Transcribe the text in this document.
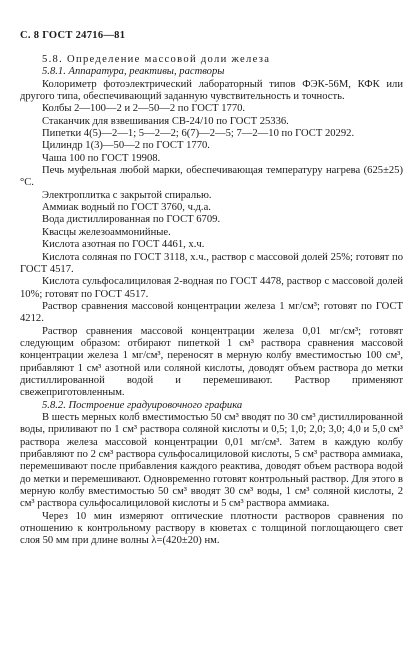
С. 8 ГОСТ 24716—81

5.8. Определение массовой доли железа

5.8.1. Аппаратура, реактивы, растворы

Колориметр фотоэлектрический лабораторный типов ФЭК-56М, КФК или другого типа, обеспечивающий заданную чувствительность и точность.

Колбы 2—100—2 и 2—50—2 по ГОСТ 1770.

Стаканчик для взвешивания СВ-24/10 по ГОСТ 25336.

Пипетки 4(5)—2—1; 5—2—2; 6(7)—2—5; 7—2—10 по ГОСТ 20292.

Цилиндр 1(3)—50—2 по ГОСТ 1770.

Чаша 100 по ГОСТ 19908.

Печь муфельная любой марки, обеспечивающая температуру нагрева (625±25)°С.

Электроплитка с закрытой спиралью.

Аммиак водный по ГОСТ 3760, ч.д.а.

Вода дистиллированная по ГОСТ 6709.

Квасцы железоаммонийные.

Кислота азотная по ГОСТ 4461, х.ч.

Кислота соляная по ГОСТ 3118, х.ч., раствор с массовой долей 25%; готовят по ГОСТ 4517.

Кислота сульфосалициловая 2-водная по ГОСТ 4478, раствор с массовой долей 10%; готовят по ГОСТ 4517.

Раствор сравнения массовой концентрации железа 1 мг/см³; готовят по ГОСТ 4212.

Раствор сравнения массовой концентрации железа 0,01 мг/см³; готовят следующим образом: отбирают пипеткой 1 см³ раствора сравнения массовой концентрации железа 1 мг/см³, переносят в мерную колбу вместимостью 100 см³, прибавляют 1 см³ азотной или соляной кислоты, доводят объем раствора до метки дистиллированной водой и перемешивают. Раствор применяют свежеприготовленным.

5.8.2. Построение градуировочного графика

В шесть мерных колб вместимостью 50 см³ вводят по 30 см³ дистиллированной воды, приливают по 1 см³ раствора соляной кислоты и 0,5; 1,0; 2,0; 3,0; 4,0 и 5,0 см³ раствора железа массовой концентрации 0,01 мг/см³. Затем в каждую колбу прибавляют по 2 см³ раствора сульфосалициловой кислоты, 5 см³ раствора аммиака, перемешивают после прибавления каждого реактива, доводят объем раствора водой до метки и перемешивают. Одновременно готовят контрольный раствор. Для этого в мерную колбу вместимостью 50 см³ вводят 30 см³ воды, 1 см³ соляной кислоты, 2 см³ раствора сульфосалициловой кислоты и 5 см³ раствора аммиака.

Через 10 мин измеряют оптические плотности растворов сравнения по отношению к контрольному раствору в кюветах с толщиной поглощающего свет слоя 50 мм при длине волны λ=(420±20) нм.
